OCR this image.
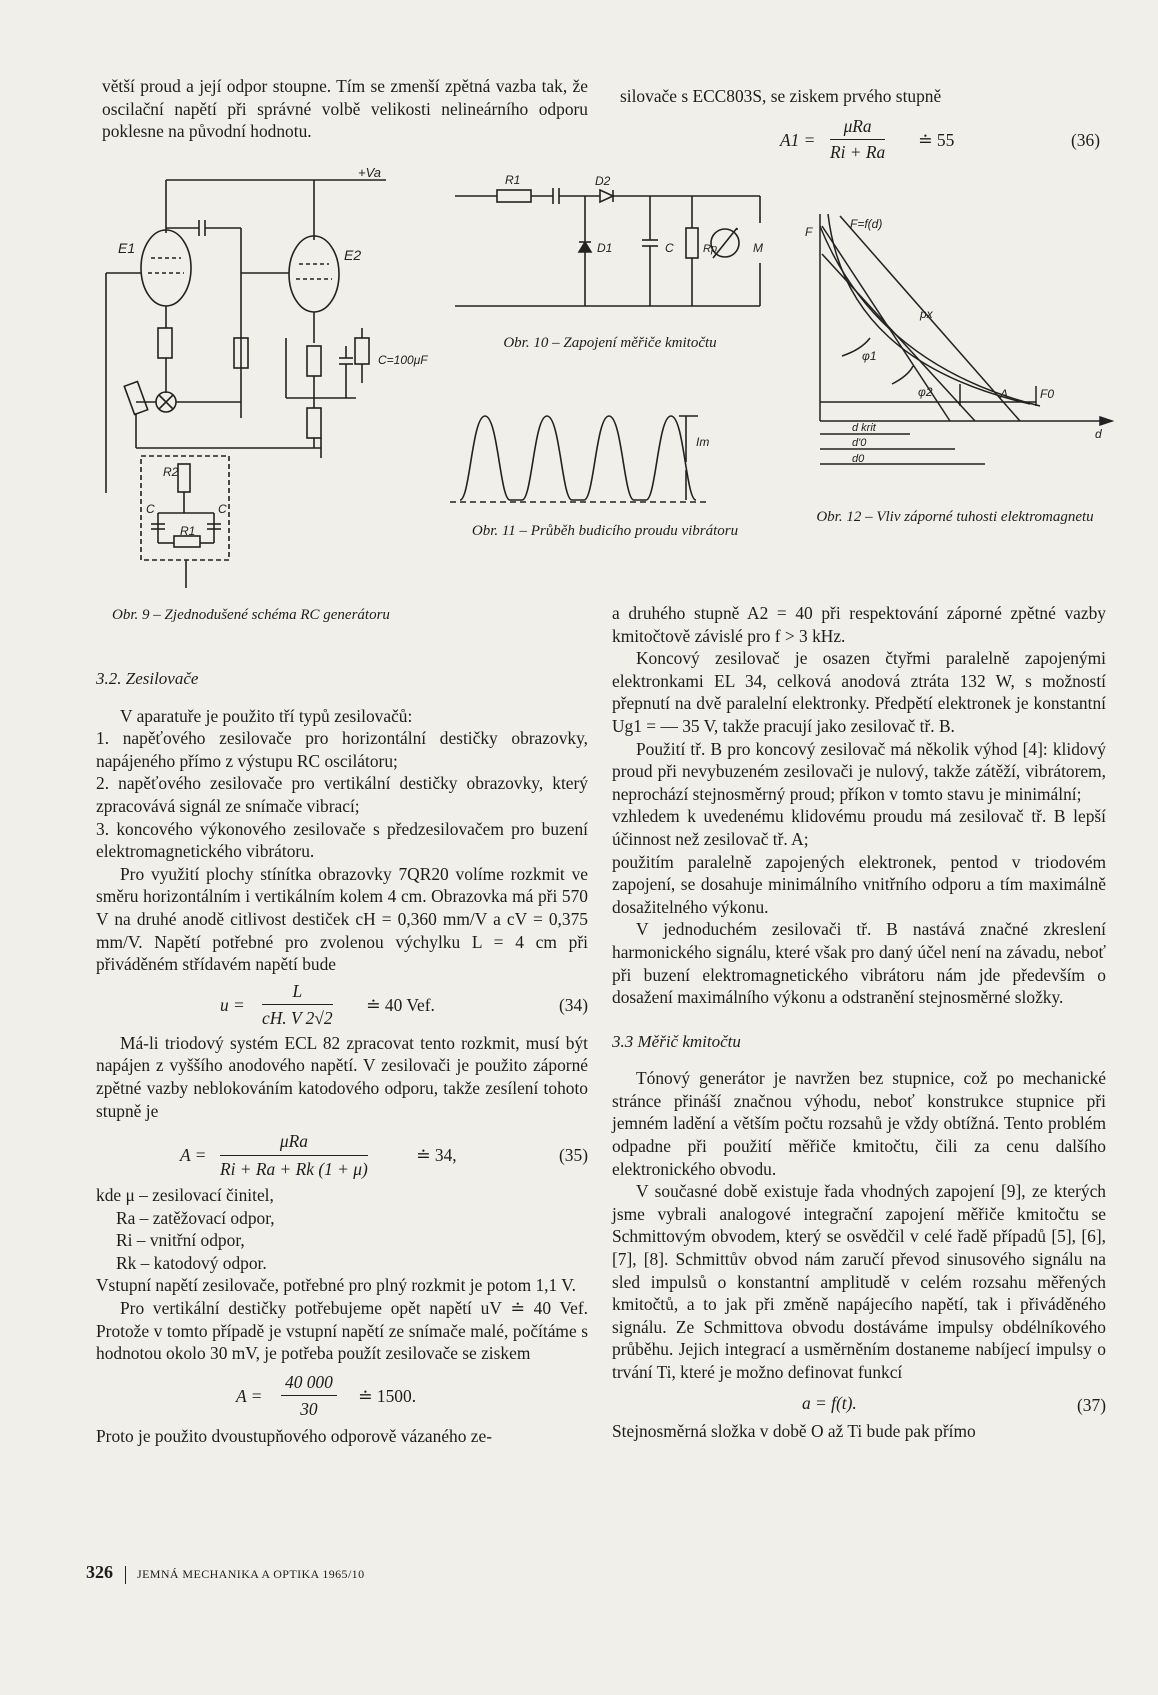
+Va
E1	E2
C=100μF
R2
C	C
R1
Obr. 9 – Zjednodušené schéma RC generátoru
R1	D2
D1	C	Rp	M
Obr. 10 – Zapojení měřiče kmitočtu
Im
Obr. 11 – Průběh budicího proudu vibrátoru
F
F=f(d)
px
φ1
φ2	A	F0
d
d krit
d'0
d0
Obr. 12 – Vliv záporné tuhosti elektromagnetu
větší proud a její odpor stoupne. Tím se zmenší zpětná vazba tak, že oscilační napětí při správné volbě velikosti nelineárního odporu poklesne na původní hodnotu.
3.2. Zesilovače

V aparatuře je použito tří typů zesilovačů:

1. napěťového zesilovače pro horizontální destičky obrazovky, napájeného přímo z výstupu RC oscilátoru;

2. napěťového zesilovače pro vertikální destičky obrazovky, který zpracovává signál ze snímače vibrací;

3. koncového výkonového zesilovače s předzesilovačem pro buzení elektromagnetického vibrátoru.

Pro využití plochy stínítka obrazovky 7QR20 volíme rozkmit ve směru horizontálním i vertikálním kolem 4 cm. Obrazovka má při 570 V na druhé anodě citlivost destiček cH = 0,360 mm/V a cV = 0,375 mm/V. Napětí potřebné pro zvolenou výchylku L = 4 cm při přiváděném střídavém napětí bude

$u = \frac{L}{cH. V 2√2}$ ≐ 40 Vef.	(34)

Má-li triodový systém ECL 82 zpracovat tento rozkmit, musí být napájen z vyššího anodového napětí. V zesilovači je použito záporné zpětné vazby neblokováním katodového odporu, takže zesílení tohoto stupně je

A =
μRa
Ri + Ra + Rk (1 + μ)
≐ 34,	(35)

kde μ – zesilovací činitel,

Ra – zatěžovací odpor,

Ri – vnitřní odpor,

Rk – katodový odpor.

Vstupní napětí zesilovače, potřebné pro plný rozkmit je potom 1,1 V.

Pro vertikální destičky potřebujeme opět napětí uV ≐ 40 Vef. Protože v tomto případě je vstupní napětí ze snímače malé, počítáme s hodnotou okolo 30 mV, je potřeba použít zesilovače se ziskem

$A = \frac{40 000}{30}$ ≐ 1500.

Proto je použito dvoustupňového odporově vázaného ze-

silovače s ECC803S, se ziskem prvého stupně
A1 =
μRa
Ri + Ra
≐ 55	(36)

a druhého stupně A2 = 40 při respektování záporné zpětné vazby kmitočtově závislé pro f > 3 kHz.

Koncový zesilovač je osazen čtyřmi paralelně zapojenými elektronkami EL 34, celková anodová ztráta 132 W, s možností přepnutí na dvě paralelní elektronky. Předpětí elektronek je konstantní Ug1 = — 35 V, takže pracují jako zesilovač tř. B.

Použití tř. B pro koncový zesilovač má několik výhod [4]: klidový proud při nevybuzeném zesilovači je nulový, takže zátěží, vibrátorem, neprochází stejnosměrný proud; příkon v tomto stavu je minimální;

vzhledem k uvedenému klidovému proudu má zesilovač tř. B lepší účinnost než zesilovač tř. A;

použitím paralelně zapojených elektronek, pentod v triodovém zapojení, se dosahuje minimálního vnitřního odporu a tím maximálně dosažitelného výkonu.

V jednoduchém zesilovači tř. B nastává značné zkreslení harmonického signálu, které však pro daný účel není na závadu, neboť při buzení elektromagnetického vibrátoru nám jde především o dosažení maximálního výkonu a odstranění stejnosměrné složky.

3.3 Měřič kmitočtu

Tónový generátor je navržen bez stupnice, což po mechanické stránce přináší značnou výhodu, neboť konstrukce stupnice při jemném ladění a větším počtu rozsahů je vždy obtížná. Tento problém odpadne při použití měřiče kmitočtu, čili za cenu dalšího elektronického obvodu.

V současné době existuje řada vhodných zapojení [9], ze kterých jsme vybrali analogové integrační zapojení měřiče kmitočtu se Schmittovým obvodem, který se osvědčil v celé řadě případů [5], [6], [7], [8]. Schmittův obvod nám zaručí převod sinusového signálu na sled impulsů o konstantní amplitudě v celém rozsahu měřených kmitočtů, a to jak při změně napájecího napětí, tak i přiváděného signálu. Ze Schmittova obvodu dostáváme impulsy obdélníkového průběhu. Jejich integrací a usměrněním dostaneme nabíjecí impulsy o trvání Ti, které je možno definovat funkcí

a = f(t).	(37)

Stejnosměrná složka v době O až Ti bude pak přímo

326 JEMNÁ MECHANIKA A OPTIKA 1965/10
